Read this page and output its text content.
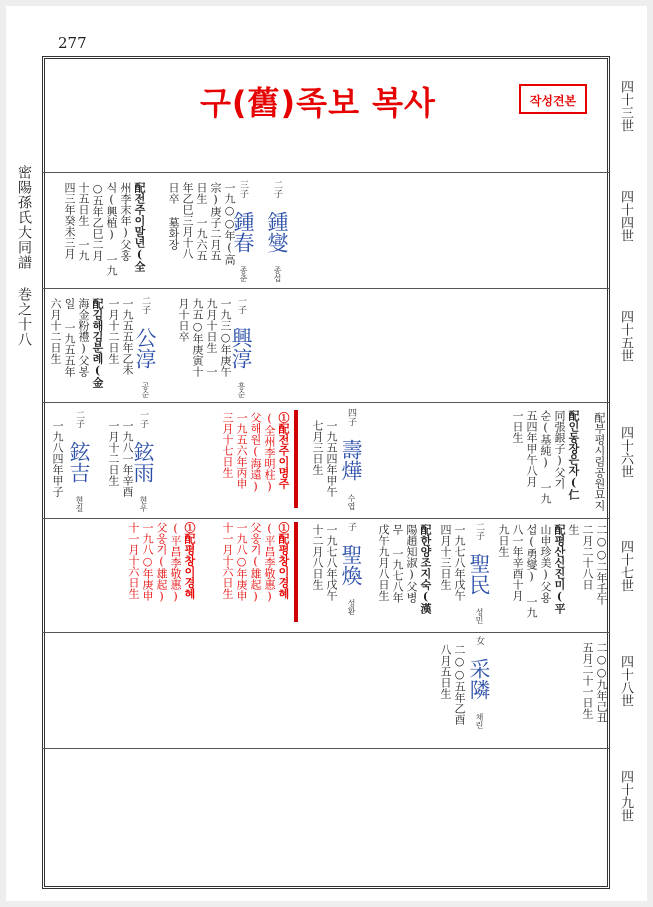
277
구(舊)족보 복사	작성견본
密陽孫氏大同譜 巻之十八
四十三世
四十四世
四十五世
四十六世
四十七世
四十八世
四十九世
二子 鍾燮 종섭
三子 鍾春 종춘
一九○○年(高
宗)庚子二月五
日生 一九六五
年乙巳三月十八
日卒 墓화장
配전주이말년(全
州李末年)父홍
식(興植) 一九
○五年乙巳二月
十五日生 一九
四三年癸未三月
一子 興淳 흥순
一九三○年庚午
九月十日生 一
九五○年庚寅十
月十日卒
二子 公淳 공순
一九五五年乙未
一月十二日生
配김해김분례(金
海金粉禮)父봉
일 一九五五年
六月十二日生
配부평시림공원묘지
配인동장은자(仁
同張銀子)父기
순(基純) 一九
五四年甲午八月
一日生
四子 壽燁 수엽
一九五四年甲午
七月三日生
①配전주이명주
(全州李明柱)
父해원(海遠)
一九五六年丙申
三月十七日生
一子 鉉雨 현우
一九八一年辛酉
一月十二日生
二子 鉉吉 현길
一九八四年甲子
二○○二年壬午
二月二十八日
生
配평산신진미(平
山申珍美)父용
섭(勇燮) 一九
八一年辛酉十月
九日生
二子 聖民 성민
一九七八年戊午
四月十三日生
配한양조지숙(漢
陽趙知淑)父병
무 一九七八年
戊午九月八日生
子 聖煥 성환
一九七八年戊午
十二月八日生
①配평창이경혜
(平昌李敬惠)
父웅기(雄起)
一九八○年庚申
十一月十六日生
①配평창이경혜
(平昌李敬惠)
父웅기(雄起)
一九八○年庚申
十一月十六日生
二○○九年己丑
五月二十一日生
女 采隣 채린
二○○五年乙酉
八月五日生
